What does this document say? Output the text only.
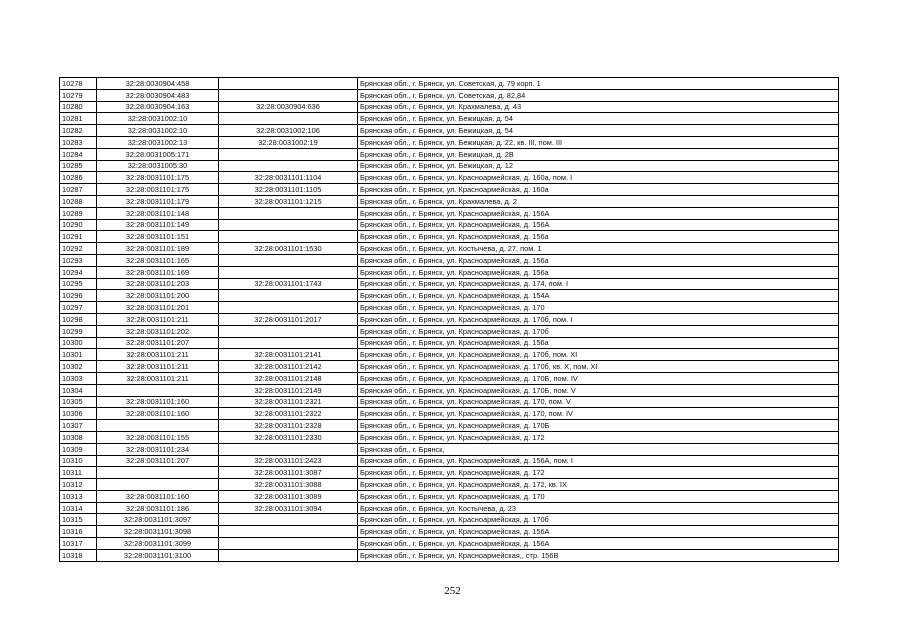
10278	32:28:0030904:458		Брянская обл., г. Брянск, ул. Советская, д. 79 корп. 1
10279	32:28:0030904:483		Брянская обл., г. Брянск, ул. Советская, д. 82,84
10280	32:28:0030904:163	32:28:0030904:636	Брянская обл., г. Брянск, ул. Крахмалева, д. 43
10281	32:28:0031002:10		Брянская обл., г. Брянск, ул. Бежицкая, д. 54
10282	32:28:0031002:10	32:28:0031002:106	Брянская обл., г. Брянск, ул. Бежицкая, д. 54
10283	32:28:0031002:13	32:28:0031002:19	Брянская обл., г. Брянск, ул. Бежицкая, д. 22, кв. III, пом. III
10284	32:28:0031005:171		Брянская обл., г. Брянск, ул. Бежицкая, д. 2В
10285	32:28:0031005:30		Брянская обл., г. Брянск, ул. Бежицкая, д. 12
10286	32:28:0031101:175	32:28:0031101:1104	Брянская обл., г. Брянск, ул. Красноармейская, д. 160а, пом. I
10287	32:28:0031101:175	32:28:0031101:1105	Брянская обл., г. Брянск, ул. Красноармейская, д. 160а
10288	32:28:0031101:179	32:28:0031101:1215	Брянская обл., г. Брянск, ул. Крахмалева, д. 2
10289	32:28:0031101:148		Брянская обл., г. Брянск, ул. Красноармейская, д. 156А
10290	32:28:0031101:149		Брянская обл., г. Брянск, ул. Красноармейская, д. 156А
10291	32:28:0031101:151		Брянская обл., г. Брянск, ул. Красноармейская, д. 156а
10292	32:28:0031101:189	32:28:0031101:1530	Брянская обл., г. Брянск, ул. Костычева, д. 27, пом. 1
10293	32:28:0031101:165		Брянская обл., г. Брянск, ул. Красноармейская, д. 156а
10294	32:28:0031101:169		Брянская обл., г. Брянск, ул. Красноармейская, д. 156а
10295	32:28:0031101:203	32:28:0031101:1743	Брянская обл., г. Брянск, ул. Красноармейская, д. 174, пом. I
10296	32:28:0031101:200		Брянская обл., г. Брянск, ул. Красноармейская, д. 154А
10297	32:28:0031101:201		Брянская обл., г. Брянск, ул. Красноармейская, д. 170
10298	32:28:0031101:211	32:28:0031101:2017	Брянская обл., г. Брянск, ул. Красноармейская, д. 170б, пом. I
10299	32:28:0031101:202		Брянская обл., г. Брянск, ул. Красноармейская, д. 170б
10300	32:28:0031101:207		Брянская обл., г. Брянск, ул. Красноармейская, д. 156а
10301	32:28:0031101:211	32:28:0031101:2141	Брянская обл., г. Брянск, ул. Красноармейская, д. 170б, пом. XI
10302	32:28:0031101:211	32:28:0031101:2142	Брянская обл., г. Брянск, ул. Красноармейская, д. 170б, кв. X, пом. XI
10303	32:28:0031101:211	32:28:0031101:2148	Брянская обл., г. Брянск, ул. Красноармейская, д. 170Б, пом. IV
10304		32:28:0031101:2149	Брянская обл., г. Брянск, ул. Красноармейская, д. 170Б, пом. V
10305	32:28:0031101:160	32:28:0031101:2321	Брянская обл., г. Брянск, ул. Красноармейская, д. 170, пом. V
10306	32:28:0031101:160	32:28:0031101:2322	Брянская обл., г. Брянск, ул. Красноармейская, д. 170, пом. IV
10307		32:28:0031101:2328	Брянская обл., г. Брянск, ул. Красноармейская, д. 170Б
10308	32:28:0031101:155	32:28:0031101:2330	Брянская обл., г. Брянск, ул. Красноармейская, д. 172
10309	32:28:0031101:234		Брянская обл., г. Брянск,
10310	32:28:0031101:207	32:28:0031101:2423	Брянская обл., г. Брянск, ул. Красноармейская, д. 156А, пом. I
10311		32:28:0031101:3087	Брянская обл., г. Брянск, ул. Красноармейская, д. 172
10312		32:28:0031101:3088	Брянская обл., г. Брянск, ул. Красноармейская, д. 172, кв. IX
10313	32:28:0031101:160	32:28:0031101:3089	Брянская обл., г. Брянск, ул. Красноармейская, д. 170
10314	32:28:0031101:186	32:28:0031101:3094	Брянская обл., г. Брянск, ул. Костычева, д. 23
10315	32:28:0031101:3097		Брянская обл., г. Брянск, ул. Красноармейская, д. 170б
10316	32:28:0031101:3098		Брянская обл., г. Брянск, ул. Красноармейская, д. 156А
10317	32:28:0031101:3099		Брянская обл., г. Брянск, ул. Красноармейская, д. 156А
10318	32:28:0031101:3100		Брянская обл., г. Брянск, ул. Красноармейская,, стр. 156В
252
